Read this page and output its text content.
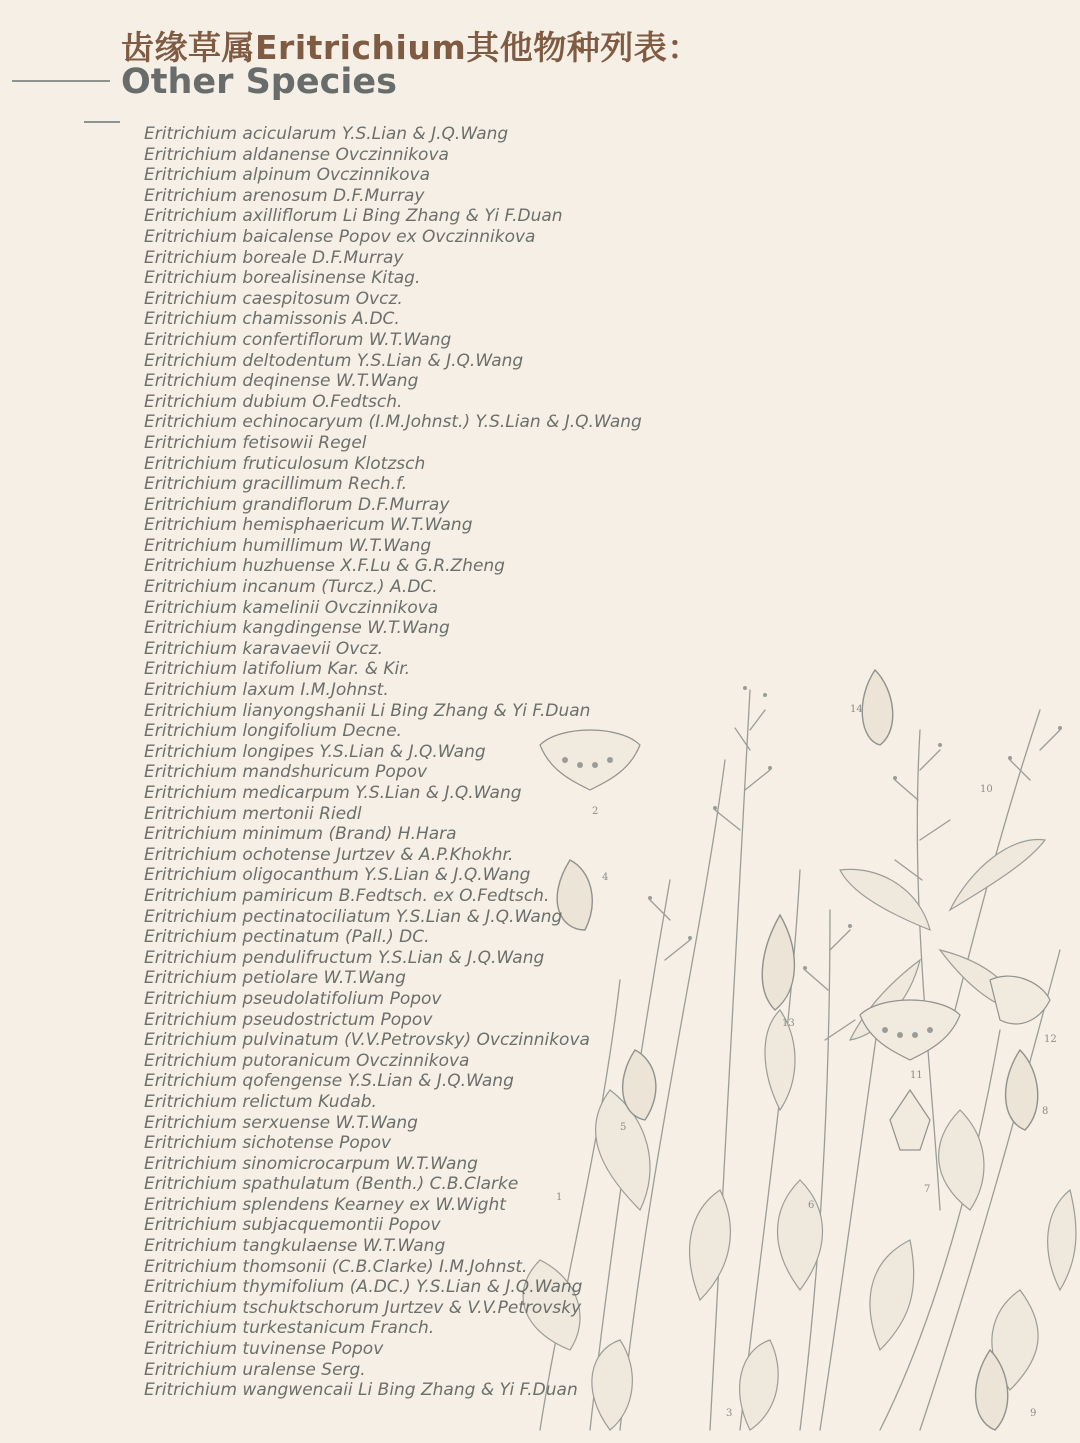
齿缘草属Eritrichium其他物种列表：
Other Species
Eritrichium acicularum Y.S.Lian & J.Q.Wang
Eritrichium aldanense Ovczinnikova
Eritrichium alpinum Ovczinnikova
Eritrichium arenosum D.F.Murray
Eritrichium axilliflorum Li Bing Zhang & Yi F.Duan
Eritrichium baicalense Popov ex Ovczinnikova
Eritrichium boreale D.F.Murray
Eritrichium borealisinense Kitag.
Eritrichium caespitosum Ovcz.
Eritrichium chamissonis A.DC.
Eritrichium confertiflorum W.T.Wang
Eritrichium deltodentum Y.S.Lian & J.Q.Wang
Eritrichium deqinense W.T.Wang
Eritrichium dubium O.Fedtsch.
Eritrichium echinocaryum (I.M.Johnst.) Y.S.Lian & J.Q.Wang
Eritrichium fetisowii Regel
Eritrichium fruticulosum Klotzsch
Eritrichium gracillimum Rech.f.
Eritrichium grandiflorum D.F.Murray
Eritrichium hemisphaericum W.T.Wang
Eritrichium humillimum W.T.Wang
Eritrichium huzhuense X.F.Lu & G.R.Zheng
Eritrichium incanum (Turcz.) A.DC.
Eritrichium kamelinii Ovczinnikova
Eritrichium kangdingense W.T.Wang
Eritrichium karavaevii Ovcz.
Eritrichium latifolium Kar. & Kir.
Eritrichium laxum I.M.Johnst.
Eritrichium lianyongshanii Li Bing Zhang & Yi F.Duan
Eritrichium longifolium Decne.
Eritrichium longipes Y.S.Lian & J.Q.Wang
Eritrichium mandshuricum Popov
Eritrichium medicarpum Y.S.Lian & J.Q.Wang
Eritrichium mertonii Riedl
Eritrichium minimum (Brand) H.Hara
Eritrichium ochotense Jurtzev & A.P.Khokhr.
Eritrichium oligocanthum Y.S.Lian & J.Q.Wang
Eritrichium pamiricum B.Fedtsch. ex O.Fedtsch.
Eritrichium pectinatociliatum Y.S.Lian & J.Q.Wang
Eritrichium pectinatum (Pall.) DC.
Eritrichium pendulifructum Y.S.Lian & J.Q.Wang
Eritrichium petiolare W.T.Wang
Eritrichium pseudolatifolium Popov
Eritrichium pseudostrictum Popov
Eritrichium pulvinatum (V.V.Petrovsky) Ovczinnikova
Eritrichium putoranicum Ovczinnikova
Eritrichium qofengense Y.S.Lian & J.Q.Wang
Eritrichium relictum Kudab.
Eritrichium serxuense W.T.Wang
Eritrichium sichotense Popov
Eritrichium sinomicrocarpum W.T.Wang
Eritrichium spathulatum (Benth.) C.B.Clarke
Eritrichium splendens Kearney ex W.Wight
Eritrichium subjacquemontii Popov
Eritrichium tangkulaense W.T.Wang
Eritrichium thomsonii (C.B.Clarke) I.M.Johnst.
Eritrichium thymifolium (A.DC.) Y.S.Lian & J.Q.Wang
Eritrichium tschuktschorum Jurtzev & V.V.Petrovsky
Eritrichium turkestanicum Franch.
Eritrichium tuvinense Popov
Eritrichium uralense Serg.
Eritrichium wangwencaii Li Bing Zhang & Yi F.Duan
14
10
2
4
13
11
12
5
8
7
1
6
3	9
